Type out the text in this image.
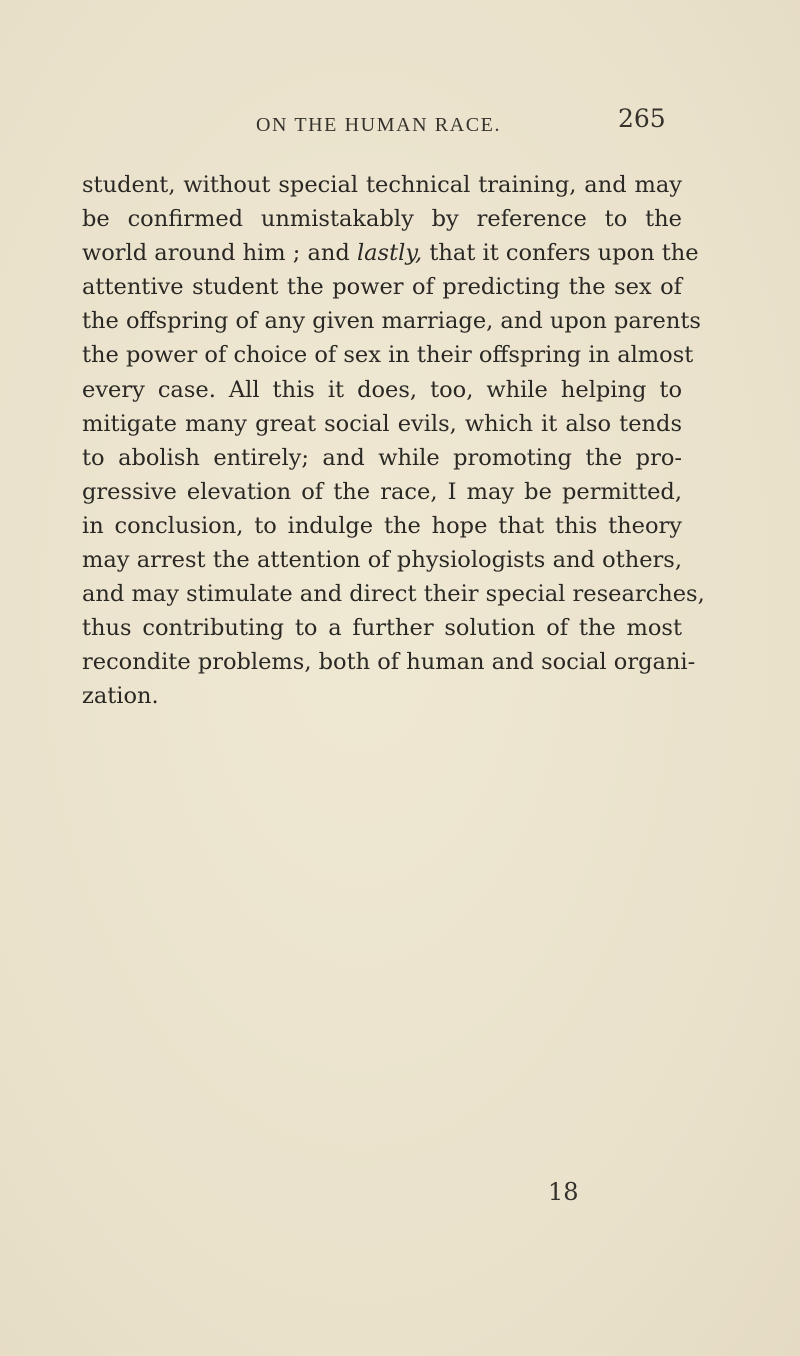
ON THE HUMAN RACE.	265
student, without special technical training, and may
be confirmed unmistakably by reference to the
world around him ; and lastly, that it confers upon the
attentive student the power of predicting the sex of
the offspring of any given marriage, and upon parents
the power of choice of sex in their offspring in almost
every case. All this it does, too, while helping to
mitigate many great social evils, which it also tends
to abolish entirely; and while promoting the pro-
gressive elevation of the race, I may be permitted,
in conclusion, to indulge the hope that this theory
may arrest the attention of physiologists and others,
and may stimulate and direct their special researches,
thus contributing to a further solution of the most
recondite problems, both of human and social organi-
zation.
18
